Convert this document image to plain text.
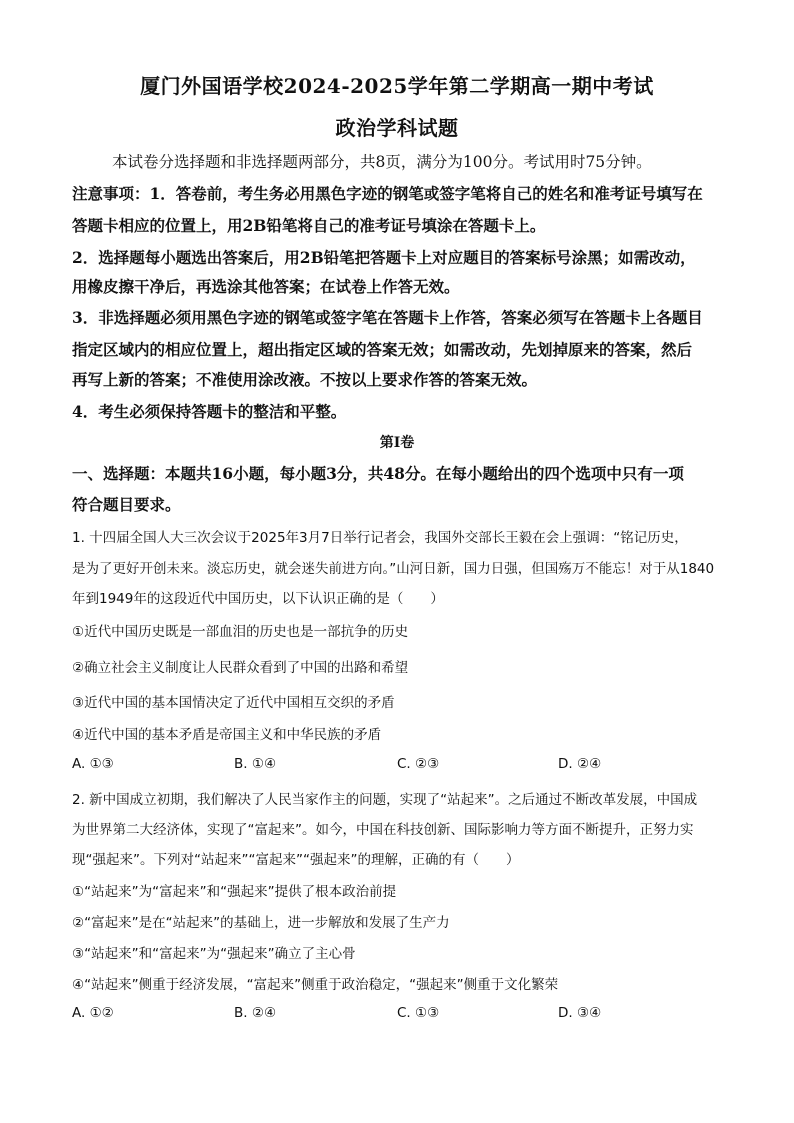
厦门外国语学校2024-2025学年第二学期高一期中考试
政治学科试题
本试卷分选择题和非选择题两部分，共8页，满分为100分。考试用时75分钟。
注意事项：1．答卷前，考生务必用黑色字迹的钢笔或签字笔将自己的姓名和准考证号填写在
答题卡相应的位置上，用2B铅笔将自己的准考证号填涂在答题卡上。
2．选择题每小题选出答案后，用2B铅笔把答题卡上对应题目的答案标号涂黑；如需改动，
用橡皮擦干净后，再选涂其他答案；在试卷上作答无效。
3．非选择题必须用黑色字迹的钢笔或签字笔在答题卡上作答，答案必须写在答题卡上各题目
指定区域内的相应位置上，超出指定区域的答案无效；如需改动，先划掉原来的答案，然后
再写上新的答案；不准使用涂改液。不按以上要求作答的答案无效。
4．考生必须保持答题卡的整洁和平整。
第Ⅰ卷
一、选择题：本题共16小题，每小题3分，共48分。在每小题给出的四个选项中只有一项
符合题目要求。
1. 十四届全国人大三次会议于2025年3月7日举行记者会，我国外交部长王毅在会上强调：“铭记历史，
是为了更好开创未来。淡忘历史，就会迷失前进方向。”山河日新，国力日强，但国殇万不能忘！对于从1840
年到1949年的这段近代中国历史，以下认识正确的是（　　）
①近代中国历史既是一部血泪的历史也是一部抗争的历史
②确立社会主义制度让人民群众看到了中国的出路和希望
③近代中国的基本国情决定了近代中国相互交织的矛盾
④近代中国的基本矛盾是帝国主义和中华民族的矛盾
A. ①③	B. ①④	C. ②③	D. ②④
2. 新中国成立初期，我们解决了人民当家作主的问题，实现了“站起来”。之后通过不断改革发展，中国成
为世界第二大经济体，实现了“富起来”。如今，中国在科技创新、国际影响力等方面不断提升，正努力实
现“强起来”。下列对“站起来”“富起来”“强起来”的理解，正确的有（　　）
①“站起来”为“富起来”和“强起来”提供了根本政治前提
②“富起来”是在“站起来”的基础上，进一步解放和发展了生产力
③“站起来”和“富起来”为“强起来”确立了主心骨
④“站起来”侧重于经济发展，“富起来”侧重于政治稳定，“强起来”侧重于文化繁荣
A. ①②	B. ②④	C. ①③	D. ③④
